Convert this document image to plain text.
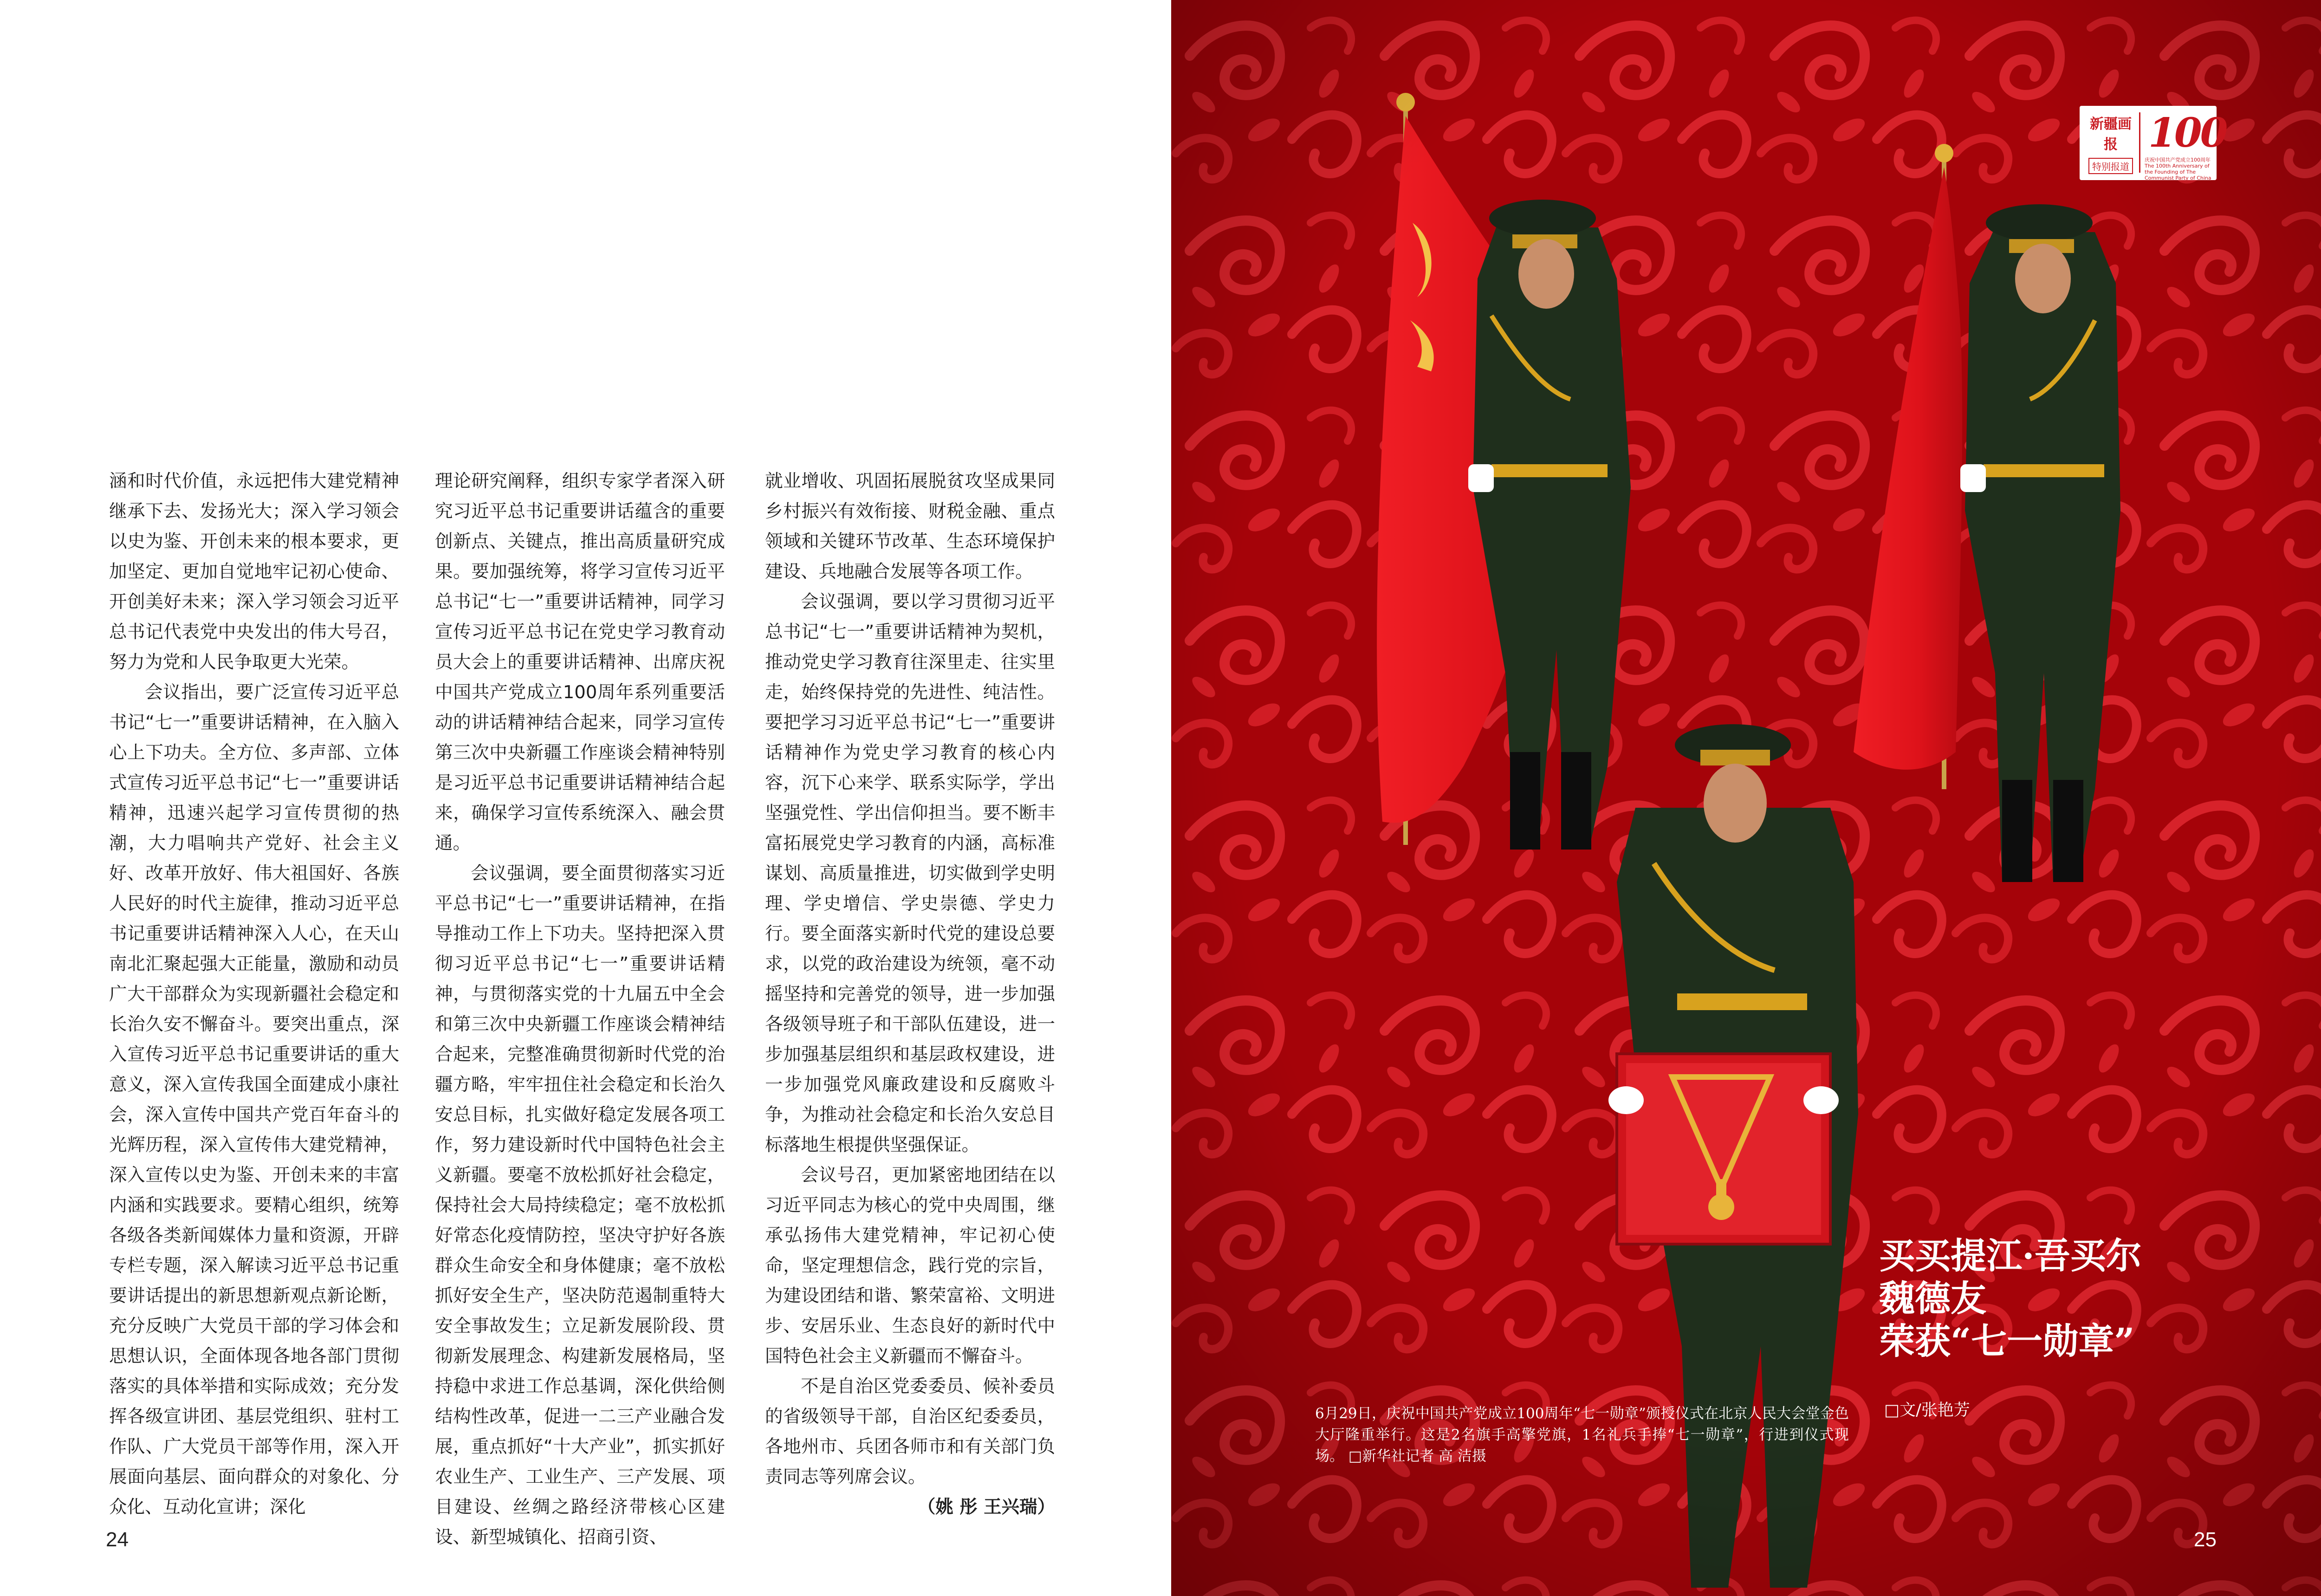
涵和时代价值，永远把伟大建党精神继承下去、发扬光大；深入学习领会以史为鉴、开创未来的根本要求，更加坚定、更加自觉地牢记初心使命、开创美好未来；深入学习领会习近平总书记代表党中央发出的伟大号召，努力为党和人民争取更大光荣。

会议指出，要广泛宣传习近平总书记“七一”重要讲话精神，在入脑入心上下功夫。全方位、多声部、立体式宣传习近平总书记“七一”重要讲话精神，迅速兴起学习宣传贯彻的热潮，大力唱响共产党好、社会主义好、改革开放好、伟大祖国好、各族人民好的时代主旋律，推动习近平总书记重要讲话精神深入人心，在天山南北汇聚起强大正能量，激励和动员广大干部群众为实现新疆社会稳定和长治久安不懈奋斗。要突出重点，深入宣传习近平总书记重要讲话的重大意义，深入宣传我国全面建成小康社会，深入宣传中国共产党百年奋斗的光辉历程，深入宣传伟大建党精神，深入宣传以史为鉴、开创未来的丰富内涵和实践要求。要精心组织，统筹各级各类新闻媒体力量和资源，开辟专栏专题，深入解读习近平总书记重要讲话提出的新思想新观点新论断，充分反映广大党员干部的学习体会和思想认识，全面体现各地各部门贯彻落实的具体举措和实际成效；充分发挥各级宣讲团、基层党组织、驻村工作队、广大党员干部等作用，深入开展面向基层、面向群众的对象化、分众化、互动化宣讲；深化

理论研究阐释，组织专家学者深入研究习近平总书记重要讲话蕴含的重要创新点、关键点，推出高质量研究成果。要加强统筹，将学习宣传习近平总书记“七一”重要讲话精神，同学习宣传习近平总书记在党史学习教育动员大会上的重要讲话精神、出席庆祝中国共产党成立100周年系列重要活动的讲话精神结合起来，同学习宣传第三次中央新疆工作座谈会精神特别是习近平总书记重要讲话精神结合起来，确保学习宣传系统深入、融会贯通。

会议强调，要全面贯彻落实习近平总书记“七一”重要讲话精神，在指导推动工作上下功夫。坚持把深入贯彻习近平总书记“七一”重要讲话精神，与贯彻落实党的十九届五中全会和第三次中央新疆工作座谈会精神结合起来，完整准确贯彻新时代党的治疆方略，牢牢扭住社会稳定和长治久安总目标，扎实做好稳定发展各项工作，努力建设新时代中国特色社会主义新疆。要毫不放松抓好社会稳定，保持社会大局持续稳定；毫不放松抓好常态化疫情防控，坚决守护好各族群众生命安全和身体健康；毫不放松抓好安全生产，坚决防范遏制重特大安全事故发生；立足新发展阶段、贯彻新发展理念、构建新发展格局，坚持稳中求进工作总基调，深化供给侧结构性改革，促进一二三产业融合发展，重点抓好“十大产业”，抓实抓好农业生产、工业生产、三产发展、项目建设、丝绸之路经济带核心区建设、新型城镇化、招商引资、

就业增收、巩固拓展脱贫攻坚成果同乡村振兴有效衔接、财税金融、重点领域和关键环节改革、生态环境保护建设、兵地融合发展等各项工作。

会议强调，要以学习贯彻习近平总书记“七一”重要讲话精神为契机，推动党史学习教育往深里走、往实里走，始终保持党的先进性、纯洁性。要把学习习近平总书记“七一”重要讲话精神作为党史学习教育的核心内容，沉下心来学、联系实际学，学出坚强党性、学出信仰担当。要不断丰富拓展党史学习教育的内涵，高标准谋划、高质量推进，切实做到学史明理、学史增信、学史崇德、学史力行。要全面落实新时代党的建设总要求，以党的政治建设为统领，毫不动摇坚持和完善党的领导，进一步加强各级领导班子和干部队伍建设，进一步加强基层组织和基层政权建设，进一步加强党风廉政建设和反腐败斗争，为推动社会稳定和长治久安总目标落地生根提供坚强保证。

会议号召，更加紧密地团结在以习近平同志为核心的党中央周围，继承弘扬伟大建党精神，牢记初心使命，坚定理想信念，践行党的宗旨，为建设团结和谐、繁荣富裕、文明进步、安居乐业、生态良好的新时代中国特色社会主义新疆而不懈奋斗。

不是自治区党委委员、候补委员的省级领导干部，自治区纪委委员，各地州市、兵团各师市和有关部门负责同志等列席会议。

（姚 彤 王兴瑞）
24
新疆画报
特别报道
100
庆祝中国共产党成立100周年 The 100th Anniversary of the Founding of The Communist Party of China
买买提江·吾买尔
魏德友
荣获“七一勋章”
□文/张艳芳
6月29日，庆祝中国共产党成立100周年“七一勋章”颁授仪式在北京人民大会堂金色大厅隆重举行。这是2名旗手高擎党旗，1名礼兵手捧“七一勋章”，行进到仪式现场。 □新华社记者 高 洁摄
25
